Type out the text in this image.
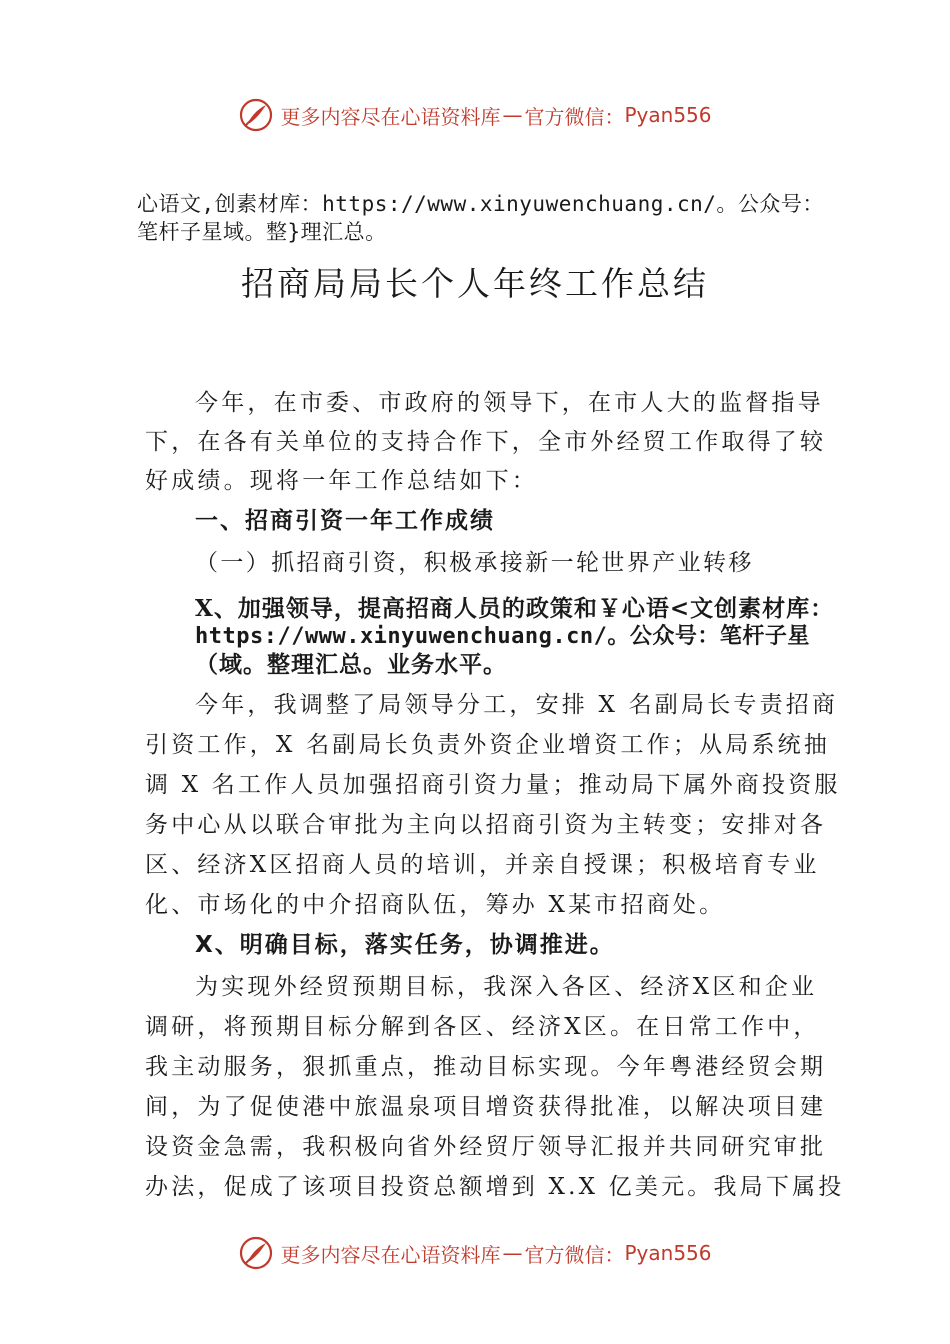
更多内容尽在心语资料库 — 官方微信： Pyan556
心语文,创素材库：https://www.xinyuwenchuang.cn/。公众号：
笔杆子星域。整}理汇总。
招商局局长个人年终工作总结
今年，在市委、市政府的领导下，在市人大的监督指导
下，在各有关单位的支持合作下，全市外经贸工作取得了较
好成绩。现将一年工作总结如下：
一、招商引资一年工作成绩
（一）抓招商引资，积极承接新一轮世界产业转移
X、加强领导，提高招商人员的政策和￥心语<文创素材库：
https://www.xinyuwenchuang.cn/。公众号：笔杆子星
（域。整理汇总。业务水平。
今年，我调整了局领导分工，安排 X 名副局长专责招商
引资工作，X 名副局长负责外资企业增资工作；从局系统抽
调 X 名工作人员加强招商引资力量；推动局下属外商投资服
务中心从以联合审批为主向以招商引资为主转变；安排对各
区、经济X区招商人员的培训，并亲自授课；积极培育专业
化、市场化的中介招商队伍，筹办 X某市招商处。
X、明确目标，落实任务，协调推进。
为实现外经贸预期目标，我深入各区、经济X区和企业
调研，将预期目标分解到各区、经济X区。在日常工作中，
我主动服务，狠抓重点，推动目标实现。今年粤港经贸会期
间，为了促使港中旅温泉项目增资获得批准，以解决项目建
设资金急需，我积极向省外经贸厅领导汇报并共同研究审批
办法，促成了该项目投资总额增到 X.X 亿美元。我局下属投
更多内容尽在心语资料库 — 官方微信： Pyan556
